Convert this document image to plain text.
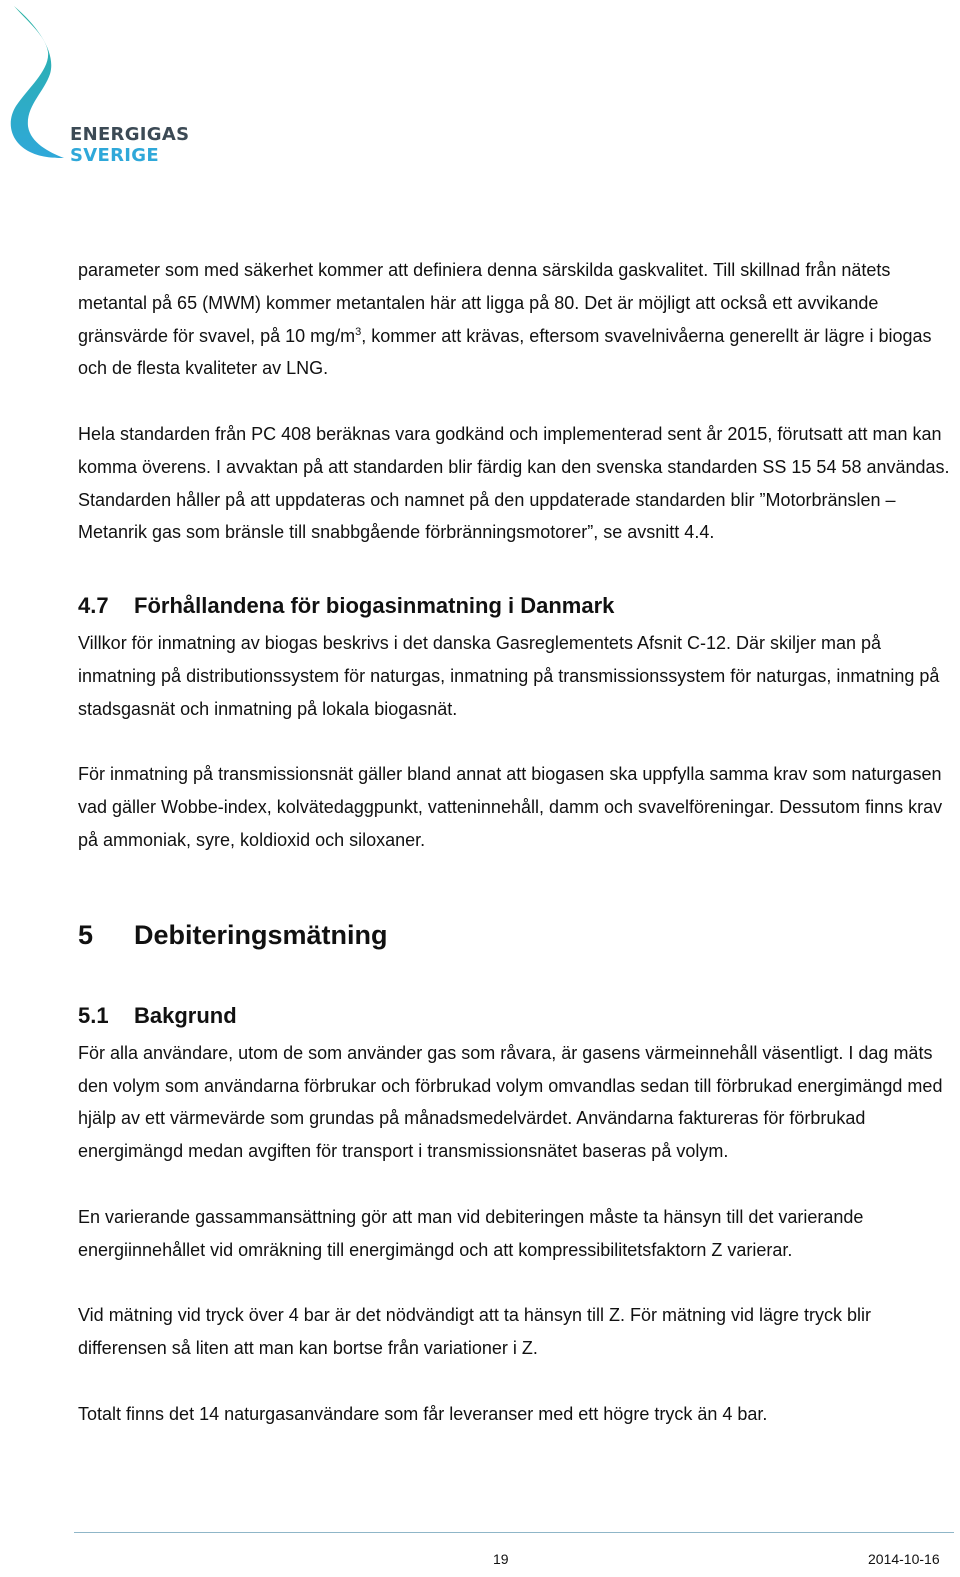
ENERGIGAS
SVERIGE

parameter som med säkerhet kommer att definiera denna särskilda gaskvalitet. Till skillnad från nätets metantal på 65 (MWM) kommer metantalen här att ligga på 80. Det är möjligt att också ett avvikande gränsvärde för svavel, på 10 $mg/m^3$, kommer att krävas, eftersom svavelnivåerna generellt är lägre i biogas och de flesta kvaliteter av LNG.

Hela standarden från PC 408 beräknas vara godkänd och implementerad sent år 2015, förutsatt att man kan komma överens. I avvaktan på att standarden blir färdig kan den svenska standarden SS 15 54 58 användas. Standarden håller på att uppdateras och namnet på den uppdaterade standarden blir ”Motorbränslen – Metanrik gas som bränsle till snabbgående förbränningsmotorer”, se avsnitt 4.4.

4.7 Förhållandena för biogasinmatning i Danmark

Villkor för inmatning av biogas beskrivs i det danska Gasreglementets Afsnit C-12. Där skiljer man på inmatning på distributionssystem för naturgas, inmatning på transmissionssystem för naturgas, inmatning på stadsgasnät och inmatning på lokala biogasnät.

För inmatning på transmissionsnät gäller bland annat att biogasen ska uppfylla samma krav som naturgasen vad gäller Wobbe-index, kolvätedaggpunkt, vatteninnehåll, damm och svavelföreningar. Dessutom finns krav på ammoniak, syre, koldioxid och siloxaner.

5 Debiteringsmätning
5.1 Bakgrund

För alla användare, utom de som använder gas som råvara, är gasens värmeinnehåll väsentligt. I dag mäts den volym som användarna förbrukar och förbrukad volym omvandlas sedan till förbrukad energimängd med hjälp av ett värmevärde som grundas på månadsmedelvärdet. Användarna faktureras för förbrukad energimängd medan avgiften för transport i transmissionsnätet baseras på volym.

En varierande gassammansättning gör att man vid debiteringen måste ta hänsyn till det varierande energiinnehållet vid omräkning till energimängd och att kompressibilitetsfaktorn Z varierar.

Vid mätning vid tryck över 4 bar är det nödvändigt att ta hänsyn till Z. För mätning vid lägre tryck blir differensen så liten att man kan bortse från variationer i Z.

Totalt finns det 14 naturgasanvändare som får leveranser med ett högre tryck än 4 bar.

19	2014-10-16
